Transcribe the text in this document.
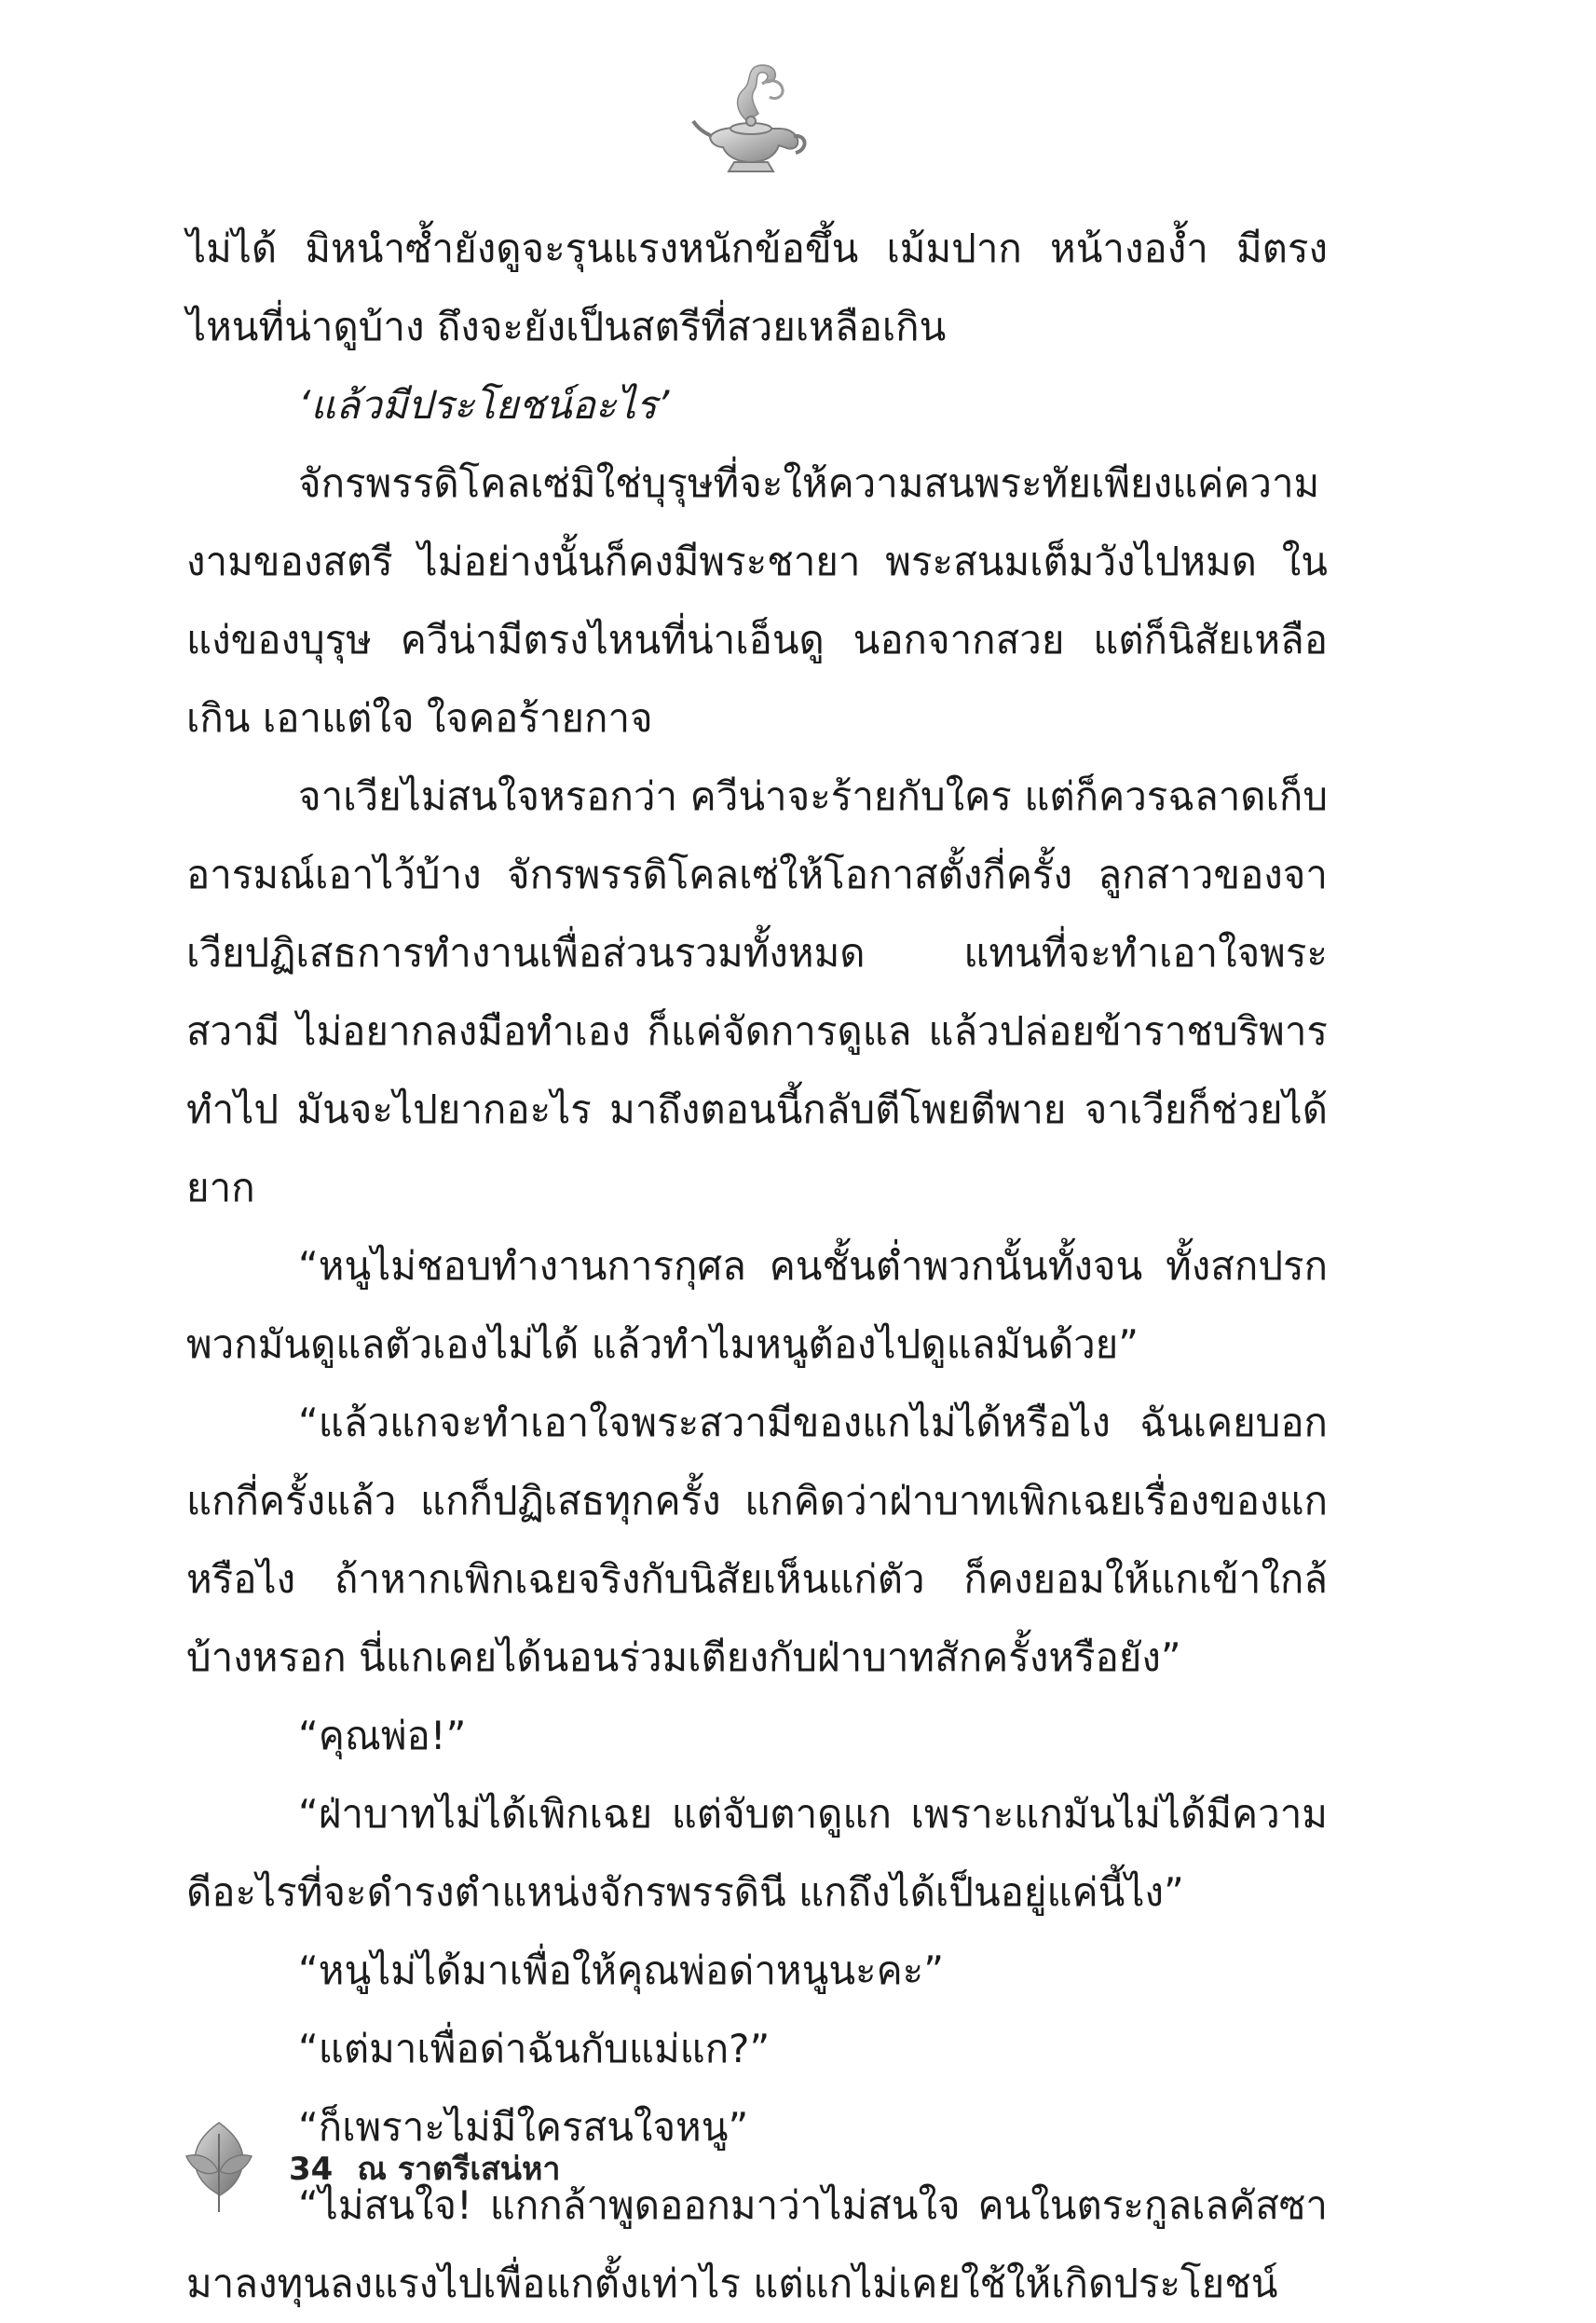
ไม่ได้ มิหนำซ้ำยังดูจะรุนแรงหนักข้อขึ้น เม้มปาก หน้างอง้ำ มีตรงไหนที่น่าดูบ้าง ถึงจะยังเป็นสตรีที่สวยเหลือเกิน

‘แล้วมีประโยชน์อะไร’

จักรพรรดิโคลเซ่มิใช่บุรุษที่จะให้ความสนพระทัยเพียงแค่ความงามของสตรี ไม่อย่างนั้นก็คงมีพระชายา พระสนมเต็มวังไปหมด ในแง่ของบุรุษ ควีน่ามีตรงไหนที่น่าเอ็นดู นอกจากสวย แต่ก็นิสัยเหลือเกิน เอาแต่ใจ ใจคอร้ายกาจ

จาเวียไม่สนใจหรอกว่า ควีน่าจะร้ายกับใคร แต่ก็ควรฉลาดเก็บอารมณ์เอาไว้บ้าง จักรพรรดิโคลเซ่ให้โอกาสตั้งกี่ครั้ง ลูกสาวของจาเวียปฏิเสธการทำงานเพื่อส่วนรวมทั้งหมด แทนที่จะทำเอาใจพระสวามี ไม่อยากลงมือทำเอง ก็แค่จัดการดูแล แล้วปล่อยข้าราชบริพารทำไป มันจะไปยากอะไร มาถึงตอนนี้กลับตีโพยตีพาย จาเวียก็ช่วยได้ยาก

“หนูไม่ชอบทำงานการกุศล คนชั้นต่ำพวกนั้นทั้งจน ทั้งสกปรก พวกมันดูแลตัวเองไม่ได้ แล้วทำไมหนูต้องไปดูแลมันด้วย”

“แล้วแกจะทำเอาใจพระสวามีของแกไม่ได้หรือไง ฉันเคยบอกแกกี่ครั้งแล้ว แกก็ปฏิเสธทุกครั้ง แกคิดว่าฝ่าบาทเพิกเฉยเรื่องของแกหรือไง ถ้าหากเพิกเฉยจริงกับนิสัยเห็นแก่ตัว ก็คงยอมให้แกเข้าใกล้บ้างหรอก นี่แกเคยได้นอนร่วมเตียงกับฝ่าบาทสักครั้งหรือยัง”

“คุณพ่อ!”

“ฝ่าบาทไม่ได้เพิกเฉย แต่จับตาดูแก เพราะแกมันไม่ได้มีความดีอะไรที่จะดำรงตำแหน่งจักรพรรดินี แกถึงได้เป็นอยู่แค่นี้ไง”

“หนูไม่ได้มาเพื่อให้คุณพ่อด่าหนูนะคะ”

“แต่มาเพื่อด่าฉันกับแม่แก?”

“ก็เพราะไม่มีใครสนใจหนู”

“ไม่สนใจ! แกกล้าพูดออกมาว่าไม่สนใจ คนในตระกูลเลคัสซามาลงทุนลงแรงไปเพื่อแกตั้งเท่าไร แต่แกไม่เคยใช้ให้เกิดประโยชน์

34 ณ ราตรีเสน่หา
